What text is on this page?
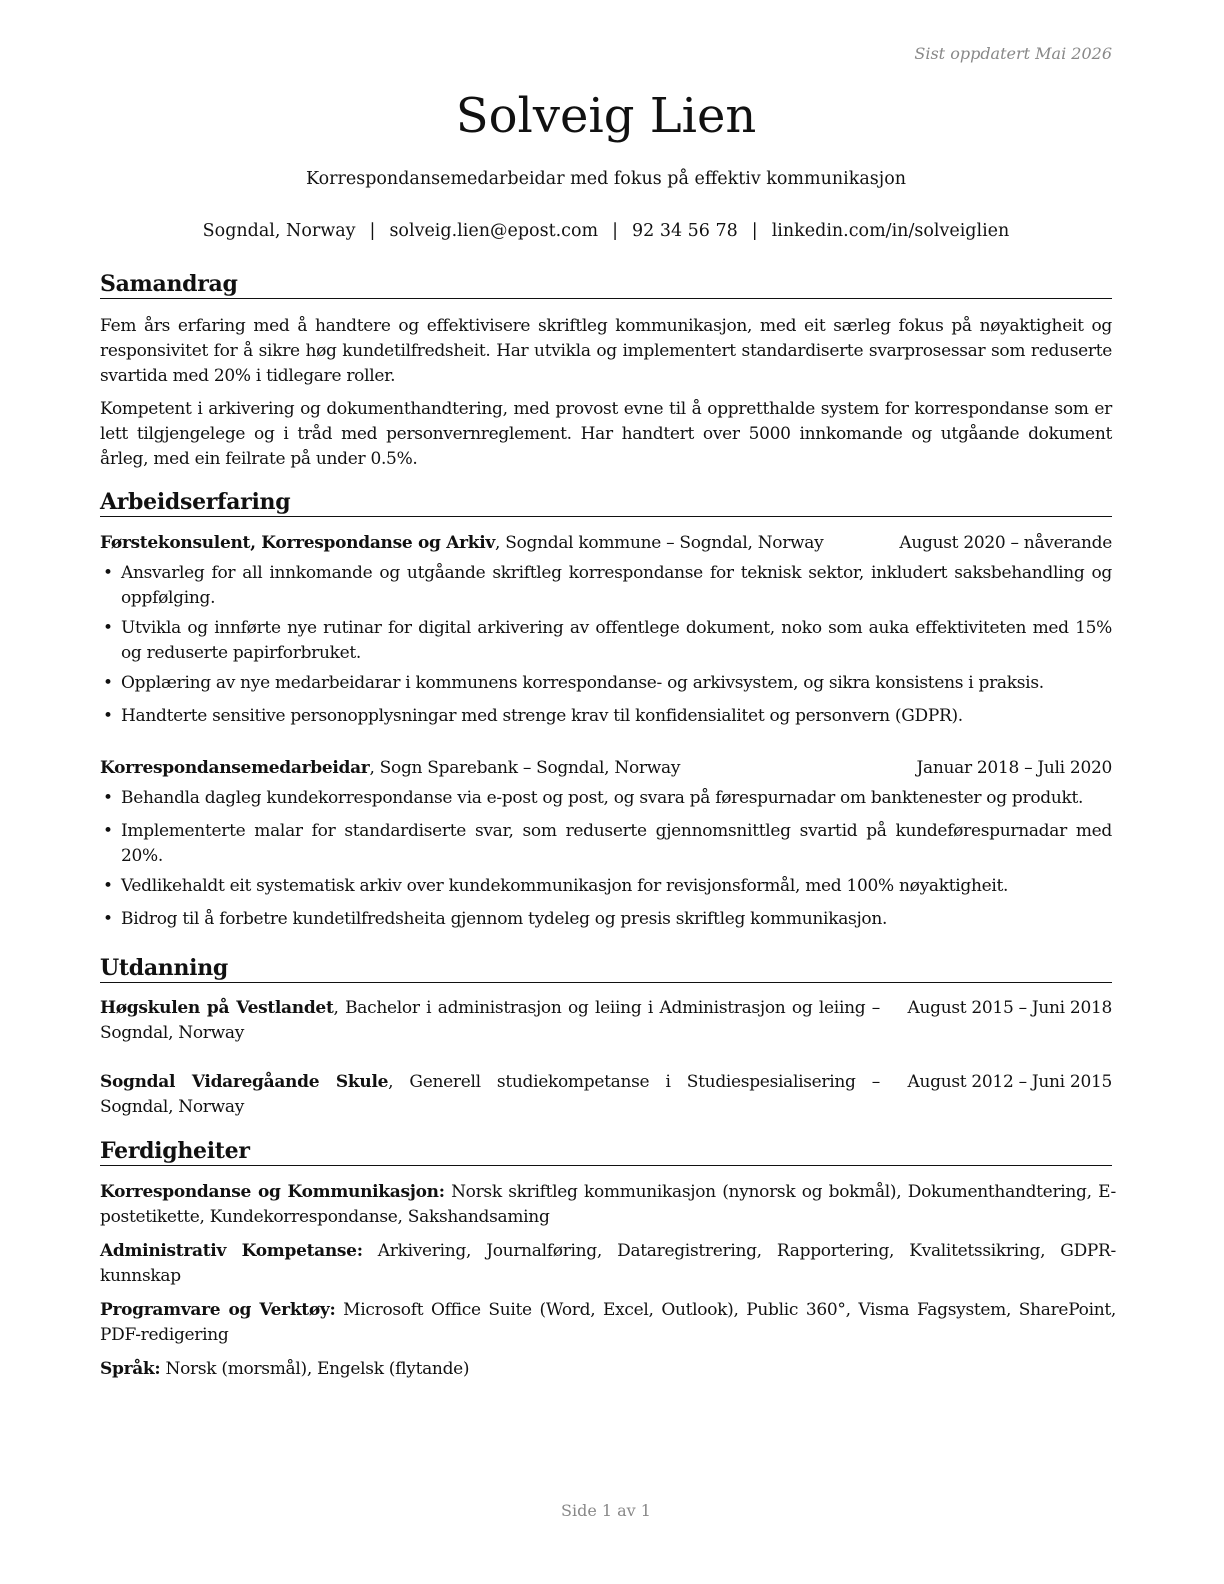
Sist oppdatert Mai 2026
Solveig Lien
Korrespondansemedarbeidar med fokus på effektiv kommunikasjon
Sogndal, Norway | solveig.lien@epost.com | 92 34 56 78 | linkedin.com/in/solveiglien
Samandrag

Fem års erfaring med å handtere og effektivisere skriftleg kommunikasjon, med eit særleg fokus på nøyaktigheit og responsivitet for å sikre høg kundetilfredsheit. Har utvikla og implementert standardiserte svarprosessar som reduserte svartida med 20% i tidlegare roller.

Kompetent i arkivering og dokumenthandtering, med provost evne til å oppretthalde system for korrespondanse som er lett tilgjengelege og i tråd med personvernreglement. Har handtert over 5000 innkomande og utgåande dokument årleg, med ein feilrate på under 0.5%.

Arbeidserfaring
Førstekonsulent, Korrespondanse og Arkiv, Sogndal kommune – Sogndal, Norway	August 2020 – nåverande
• Ansvarleg for all innkomande og utgåande skriftleg korrespondanse for teknisk sektor, inkludert saksbehandling og oppfølging.
• Utvikla og innførte nye rutinar for digital arkivering av offentlege dokument, noko som auka effektiviteten med 15% og reduserte papirforbruket.
• Opplæring av nye medarbeidarar i kommunens korrespondanse- og arkivsystem, og sikra konsistens i praksis.
• Handterte sensitive personopplysningar med strenge krav til konfidensialitet og personvern (GDPR).
Korrespondansemedarbeidar, Sogn Sparebank – Sogndal, Norway	Januar 2018 – Juli 2020
• Behandla dagleg kundekorrespondanse via e-post og post, og svara på førespurnadar om banktenester og produkt.
• Implementerte malar for standardiserte svar, som reduserte gjennomsnittleg svartid på kundeførespurnadar med 20%.
• Vedlikehaldt eit systematisk arkiv over kundekommunikasjon for revisjonsformål, med 100% nøyaktigheit.
• Bidrog til å forbetre kundetilfredsheita gjennom tydeleg og presis skriftleg kommunikasjon.
Utdanning
Høgskulen på Vestlandet, Bachelor i administrasjon og leiing i Administrasjon og leiing – Sogndal, Norway
August 2015 – Juni 2018
Sogndal Vidaregåande Skule, Generell studiekompetanse i Studiespesialisering – Sogndal, Norway
August 2012 – Juni 2015
Ferdigheiter

Korrespondanse og Kommunikasjon: Norsk skriftleg kommunikasjon (nynorsk og bokmål), Dokumenthandtering, E-postetikette, Kundekorrespondanse, Sakshandsaming

Administrativ Kompetanse: Arkivering, Journalføring, Dataregistrering, Rapportering, Kvalitetssikring, GDPR-kunnskap

Programvare og Verktøy: Microsoft Office Suite (Word, Excel, Outlook), Public 360°, Visma Fagsystem, SharePoint, PDF-redigering

Språk: Norsk (morsmål), Engelsk (flytande)

Side 1 av 1
